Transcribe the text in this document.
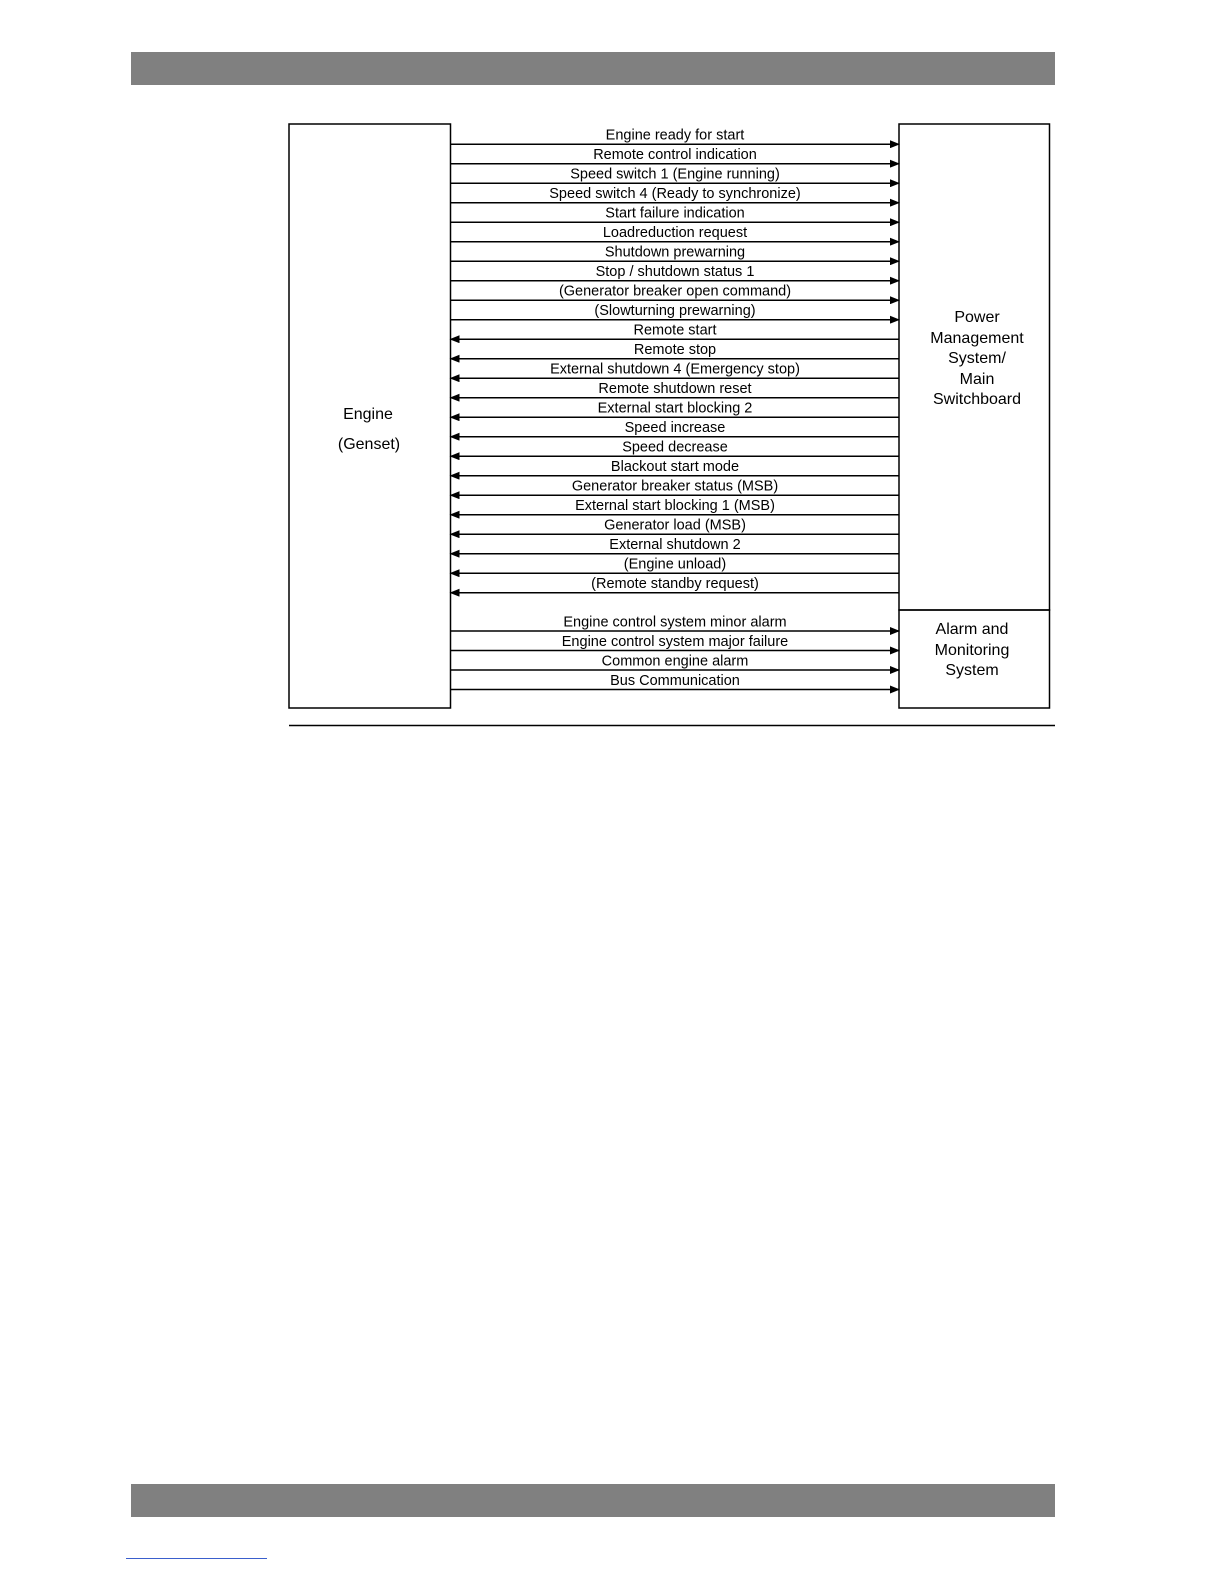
Engine
(Genset)
Power
Management
System/
Main
Switchboard
Alarm and
Monitoring
System
Engine ready for start
Remote control indication
Speed switch 1 (Engine running)
Speed switch 4 (Ready to synchronize)
Start failure indication
Loadreduction request
Shutdown prewarning
Stop / shutdown status 1
(Generator breaker open command)
(Slowturning prewarning)
Remote start
Remote stop
External shutdown 4 (Emergency stop)
Remote shutdown reset
External start blocking 2
Speed increase
Speed decrease
Blackout start mode
Generator breaker status (MSB)
External start blocking 1 (MSB)
Generator load (MSB)
External shutdown 2
(Engine unload)
(Remote standby request)
Engine control system minor alarm
Engine control system major failure
Common engine alarm
Bus Communication
